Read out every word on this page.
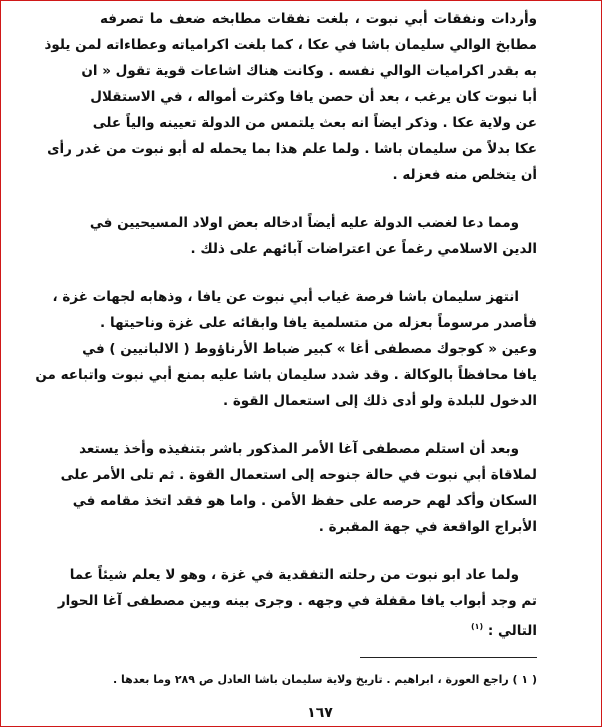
وأردات ونفقات أبي نبوت ، بلغت نفقات مطابخه ضعف ما تصرفه
مطابخ الوالي سليمان باشا في عكا ، كما بلغت اكرامياته وعطاءاته لمن يلوذ
به بقدر اكراميات الوالي نفسه . وكانت هناك اشاعات قوية تقول « ان
أبا نبوت كان يرغب ، بعد أن حصن يافا وكثرت أمواله ، في الاستقلال
عن ولاية عكا . وذكر ايضاً انه بعث يلتمس من الدولة تعيينه والياً على
عكا بدلاً من سليمان باشا . ولما علم هذا بما يحمله له أبو نبوت من غدر رأى
أن يتخلص منه فعزله .
ومما دعا لغضب الدولة عليه أيضاً ادخاله بعض اولاد المسيحيين في
الدين الاسلامي رغماً عن اعتراضات آبائهم على ذلك .
انتهز سليمان باشا فرصة غياب أبي نبوت عن يافا ، وذهابه لجهات غزة ،
فأصدر مرسوماً بعزله من متسلمية يافا وابقائه على غزة وناحيتها .
وعين « كوجوك مصطفى أغا » كبير ضباط الأرناؤوط ( الالبانيين ) في
يافا محافظاً بالوكالة . وقد شدد سليمان باشا عليه بمنع أبي نبوت واتباعه من
الدخول للبلدة ولو أدى ذلك إلى استعمال القوة .
وبعد أن استلم مصطفى آغا الأمر المذكور باشر بتنفيذه وأخذ يستعد
لملاقاة أبي نبوت في حالة جنوحه إلى استعمال القوة . ثم تلى الأمر على
السكان وأكد لهم حرصه على حفظ الأمن . واما هو فقد اتخذ مقامه في
الأبراج الواقعة في جهة المقبرة .
ولما عاد ابو نبوت من رحلته التفقدية في غزة ، وهو لا يعلم شيئاً عما
تم وجد أبواب يافا مقفلة في وجهه . وجرى بينه وبين مصطفى آغا الحوار
التالي : $^{(١)}$
( ١ ) راجع العورة ، ابراهيم . تاريخ ولاية سليمان باشا العادل ص ٢٨٩ وما بعدها .
١٦٧
